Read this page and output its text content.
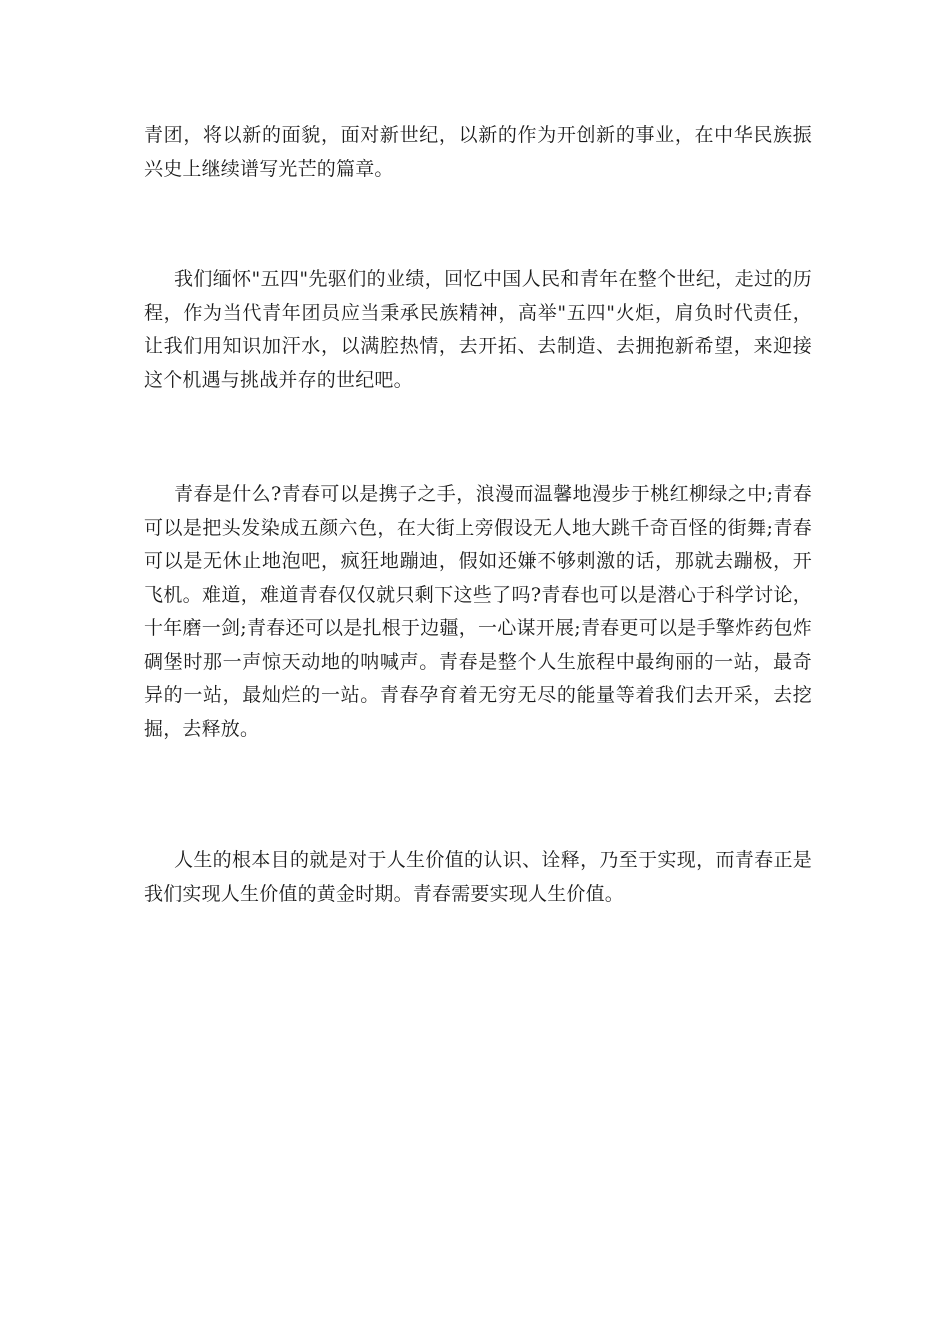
青团，将以新的面貌，面对新世纪，以新的作为开创新的事业，在中华民族振兴史上继续谱写光芒的篇章。

我们缅怀"五四"先驱们的业绩，回忆中国人民和青年在整个世纪，走过的历程，作为当代青年团员应当秉承民族精神，高举"五四"火炬，肩负时代责任，让我们用知识加汗水，以满腔热情，去开拓、去制造、去拥抱新希望，来迎接这个机遇与挑战并存的世纪吧。

青春是什么?青春可以是携子之手，浪漫而温馨地漫步于桃红柳绿之中;青春可以是把头发染成五颜六色，在大街上旁假设无人地大跳千奇百怪的街舞;青春可以是无休止地泡吧，疯狂地蹦迪，假如还嫌不够刺激的话，那就去蹦极，开飞机。难道，难道青春仅仅就只剩下这些了吗?青春也可以是潜心于科学讨论，十年磨一剑;青春还可以是扎根于边疆，一心谋开展;青春更可以是手擎炸药包炸碉堡时那一声惊天动地的呐喊声。青春是整个人生旅程中最绚丽的一站，最奇异的一站，最灿烂的一站。青春孕育着无穷无尽的能量等着我们去开采，去挖掘，去释放。

人生的根本目的就是对于人生价值的认识、诠释，乃至于实现，而青春正是我们实现人生价值的黄金时期。青春需要实现人生价值。
